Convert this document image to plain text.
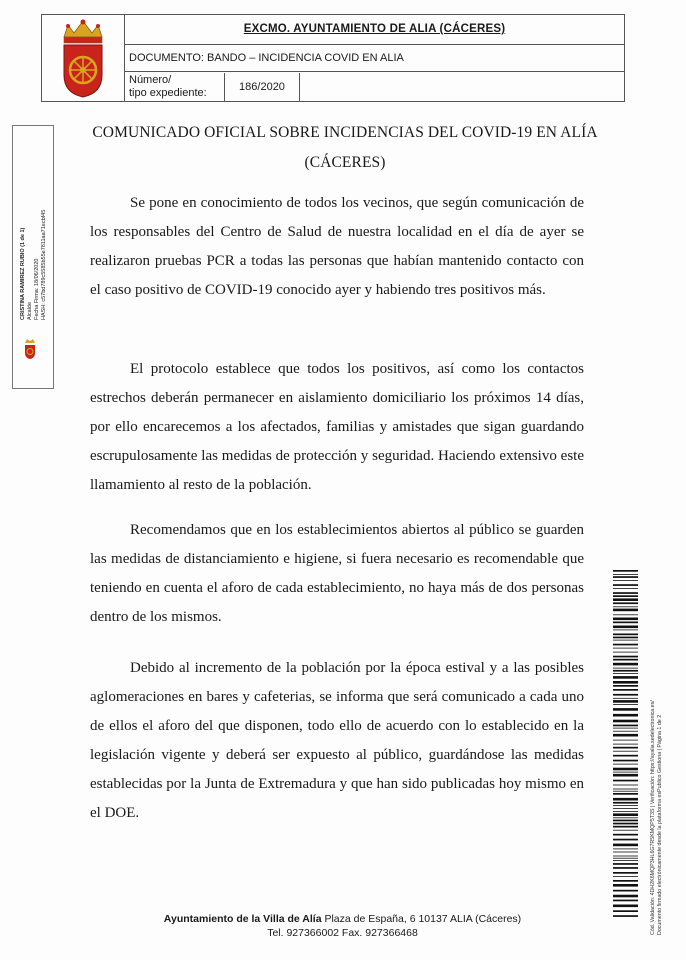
EXCMO. AYUNTAMIENTO DE ALIA (CÁCERES)
DOCUMENTO: BANDO – INCIDENCIA COVID EN ALIA
Número/
tipo expediente:	186/2020
CRISTINA RAMIREZ RUBIO (1 de 1) Alcalde Fecha Firma: 18/06/2020 HASH: c57bd789c5585b55e7811aa71ecbf45
COMUNICADO OFICIAL SOBRE INCIDENCIAS DEL COVID-19 EN ALÍA (CÁCERES)
Se pone en conocimiento de todos los vecinos, que según comunicación de los responsables del Centro de Salud de nuestra localidad en el día de ayer se realizaron pruebas PCR a todas las personas que habían mantenido contacto con el caso positivo de COVID-19 conocido ayer y habiendo tres positivos más.
El protocolo establece que todos los positivos, así como los contactos estrechos deberán permanecer en aislamiento domiciliario los próximos 14 días, por ello encarecemos a los afectados, familias y amistades que sigan guardando escrupulosamente las medidas de protección y seguridad. Haciendo extensivo este llamamiento al resto de la población.
Recomendamos que en los establecimientos abiertos al público se guarden las medidas de distanciamiento e higiene, si fuera necesario es recomendable que teniendo en cuenta el aforo de cada establecimiento, no haya más de dos personas dentro de los mismos.
Debido al incremento de la población por la época estival y a las posibles aglomeraciones en bares y cafeterias, se informa que será comunicado a cada uno de ellos el aforo del que disponen, todo ello de acuerdo con lo establecido en la legislación vigente y deberá ser expuesto al público, guardándose las medidas establecidas por la Junta de Extremadura y que han sido publicadas hoy mismo en el DOE.	Cód. Validación: 4DH2K6MQP3HL6G7R5KMQP5T3S | Verificación: https://ayalia.sedelectronica.es/ Documento firmado electrónicamente desde la plataforma esPublico Gestiona | Página 1 de 2
Ayuntamiento de la Villa de Alía Plaza de España, 6 10137 ALIA (Cáceres)
Tel. 927366002 Fax. 927366468
